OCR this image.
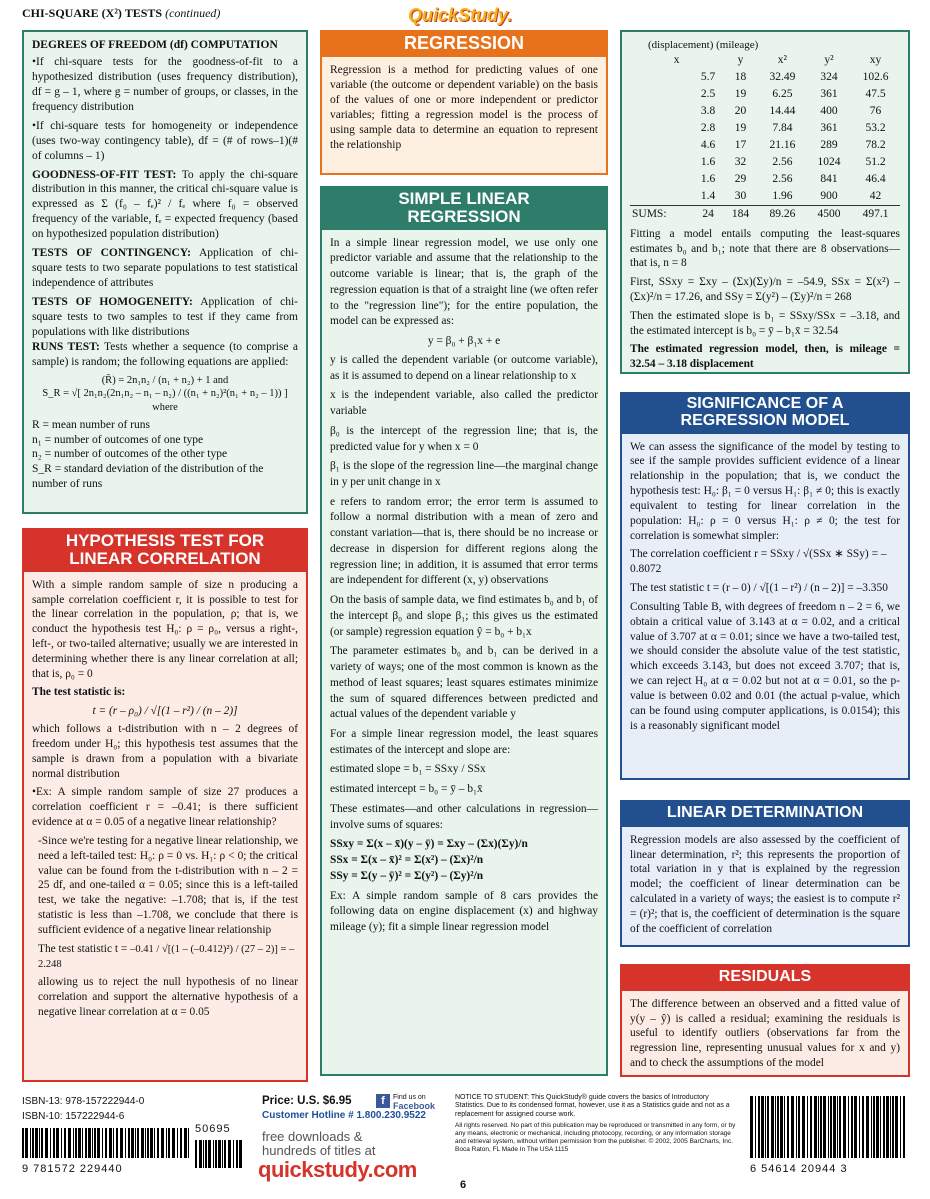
CHI-SQUARE (X²) TESTS (continued)	QuickStudy.

DEGREES OF FREEDOM (df) COMPUTATION

•If chi-square tests for the goodness-of-fit to a hypothesized distribution (uses frequency distribution), df = g – 1, where g = number of groups, or classes, in the frequency distribution

•If chi-square tests for homogeneity or independence (uses two-way contingency table), df = (# of rows–1)(# of columns – 1)

GOODNESS-OF-FIT TEST: To apply the chi-square distribution in this manner, the critical chi-square value is expressed as Σ (f₀ – fₑ)² / fₑ where f₀ = observed frequency of the variable, fₑ = expected frequency (based on hypothesized population distribution)

TESTS OF CONTINGENCY: Application of chi-square tests to two separate populations to test statistical independence of attributes

TESTS OF HOMOGENEITY: Application of chi-square tests to two samples to test if they came from populations with like distributions

RUNS TEST: Tests whether a sequence (to comprise a sample) is random; the following equations are applied:

(R̄) = 2n₁n₂ / (n₁ + n₂) + 1 and
S_R = √[ 2n₁n₂(2n₁n₂ – n₁ – n₂) / ((n₁ + n₂)²(n₁ + n₂ – 1)) ] where
R = mean number of runs
n₁ = number of outcomes of one type
n₂ = number of outcomes of the other type
S_R = standard deviation of the distribution of the number of runs
HYPOTHESIS TEST FOR
LINEAR CORRELATION

With a simple random sample of size n producing a sample correlation coefficient r, it is possible to test for the linear correlation in the population, ρ; that is, we conduct the hypothesis test H₀: ρ = ρ₀, versus a right-, left-, or two-tailed alternative; usually we are interested in determining whether there is any linear correlation at all; that is, ρ₀ = 0

The test statistic is:

t = (r – ρ₀) / √[(1 – r²) / (n – 2)]

which follows a t-distribution with n – 2 degrees of freedom under H₀; this hypothesis test assumes that the sample is drawn from a population with a bivariate normal distribution

•Ex: A simple random sample of size 27 produces a correlation coefficient r = –0.41; is there sufficient evidence at α = 0.05 of a negative linear relationship?

-Since we're testing for a negative linear relationship, we need a left-tailed test: H₀: ρ = 0 vs. H₁: ρ < 0; the critical value can be found from the t-distribution with n – 2 = 25 df, and one-tailed α = 0.05; since this is a left-tailed test, we take the negative: –1.708; that is, if the test statistic is less than –1.708, we conclude that there is sufficient evidence of a negative linear relationship

The test statistic t = –0.41 / √[(1 – (–0.412)²) / (27 – 2)] = –2.248

allowing us to reject the null hypothesis of no linear correlation and support the alternative hypothesis of a negative linear correlation at α = 0.05

REGRESSION

Regression is a method for predicting values of one variable (the outcome or dependent variable) on the basis of the values of one or more independent or predictor variables; fitting a regression model is the process of using sample data to determine an equation to represent the relationship

SIMPLE LINEAR
REGRESSION

In a simple linear regression model, we use only one predictor variable and assume that the relationship to the outcome variable is linear; that is, the graph of the regression equation is that of a straight line (we often refer to the "regression line"); for the entire population, the model can be expressed as:

y = β₀ + β₁x + e

y is called the dependent variable (or outcome variable), as it is assumed to depend on a linear relationship to x

x is the independent variable, also called the predictor variable

β₀ is the intercept of the regression line; that is, the predicted value for y when x = 0

β₁ is the slope of the regression line—the marginal change in y per unit change in x

e refers to random error; the error term is assumed to follow a normal distribution with a mean of zero and constant variation—that is, there should be no increase or decrease in dispersion for different regions along the regression line; in addition, it is assumed that error terms are independent for different (x, y) observations

On the basis of sample data, we find estimates b₀ and b₁ of the intercept β₀ and slope β₁; this gives us the estimated (or sample) regression equation ŷ = b₀ + b₁x

The parameter estimates b₀ and b₁ can be derived in a variety of ways; one of the most common is known as the method of least squares; least squares estimates minimize the sum of squared differences between predicted and actual values of the dependent variable y

For a simple linear regression model, the least squares estimates of the intercept and slope are:

estimated slope = b₁ = SSxy / SSx

estimated intercept = b₀ = ȳ – b₁x̄

These estimates—and other calculations in regression—involve sums of squares:

SSxy = Σ(x – x̄)(y – ȳ) = Σxy – (Σx)(Σy)/n
SSx = Σ(x – x̄)² = Σ(x²) – (Σx)²/n
SSy = Σ(y – ȳ)² = Σ(y²) – (Σy)²/n

Ex: A simple random sample of 8 cars provides the following data on engine displacement (x) and highway mileage (y); fit a simple linear regression model

(displacement) (mileage)
x		y	x²	y²	xy
	5.7	18	32.49	324	102.6
	2.5	19	6.25	361	47.5
	3.8	20	14.44	400	76
	2.8	19	7.84	361	53.2
	4.6	17	21.16	289	78.2
	1.6	32	2.56	1024	51.2
	1.6	29	2.56	841	46.4
	1.4	30	1.96	900	42
SUMS:	24	184	89.26	4500	497.1

Fitting a model entails computing the least-squares estimates b₀ and b₁; note that there are 8 observations—that is, n = 8

First, SSxy = Σxy – (Σx)(Σy)/n = –54.9, SSx = Σ(x²) – (Σx)²/n = 17.26, and SSy = Σ(y²) – (Σy)²/n = 268

Then the estimated slope is b₁ = SSxy/SSx = –3.18, and the estimated intercept is b₀ = ȳ – b₁x̄ = 32.54

The estimated regression model, then, is mileage = 32.54 – 3.18 displacement

SIGNIFICANCE OF A
REGRESSION MODEL

We can assess the significance of the model by testing to see if the sample provides sufficient evidence of a linear relationship in the population; that is, we conduct the hypothesis test: H₀: β₁ = 0 versus H₁: β₁ ≠ 0; this is exactly equivalent to testing for linear correlation in the population: H₀: ρ = 0 versus H₁: ρ ≠ 0; the test for correlation is somewhat simpler:

The correlation coefficient r = SSxy / √(SSx ∗ SSy) = –0.8072

The test statistic t = (r – 0) / √[(1 – r²) / (n – 2)] = –3.350

Consulting Table B, with degrees of freedom n – 2 = 6, we obtain a critical value of 3.143 at α = 0.02, and a critical value of 3.707 at α = 0.01; since we have a two-tailed test, we should consider the absolute value of the test statistic, which exceeds 3.143, but does not exceed 3.707; that is, we can reject H₀ at α = 0.02 but not at α = 0.01, so the p-value is between 0.02 and 0.01 (the actual p-value, which can be found using computer applications, is 0.0154); this is a reasonably significant model

LINEAR DETERMINATION

Regression models are also assessed by the coefficient of linear determination, r²; this represents the proportion of total variation in y that is explained by the regression model; the coefficient of linear determination can be calculated in a variety of ways; the easiest is to compute r² = (r)²; that is, the coefficient of determination is the square of the coefficient of correlation

RESIDUALS

The difference between an observed and a fitted value of y(y – ŷ) is called a residual; examining the residuals is useful to identify outliers (observations far from the regression line, representing unusual values for x and y) and to check the assumptions of the model

ISBN-13: 978-157222944-0
ISBN-10: 157222944-6
50695
9 781572 229440
Price: U.S. $6.95
Customer Hotline # 1.800.230.9522
f	Find us on
Facebook
free downloads &
hundreds of titles at
quickstudy.com

NOTICE TO STUDENT: This QuickStudy® guide covers the basics of Introductory Statistics. Due to its condensed format, however, use it as a Statistics guide and not as a replacement for assigned course work.

All rights reserved. No part of this publication may be reproduced or transmitted in any form, or by any means, electronic or mechanical, including photocopy, recording, or any information storage and retrieval system, without written permission from the publisher. © 2002, 2005 BarCharts, Inc. Boca Raton, FL Made In The USA 1115

6 54614 20944 3
6
